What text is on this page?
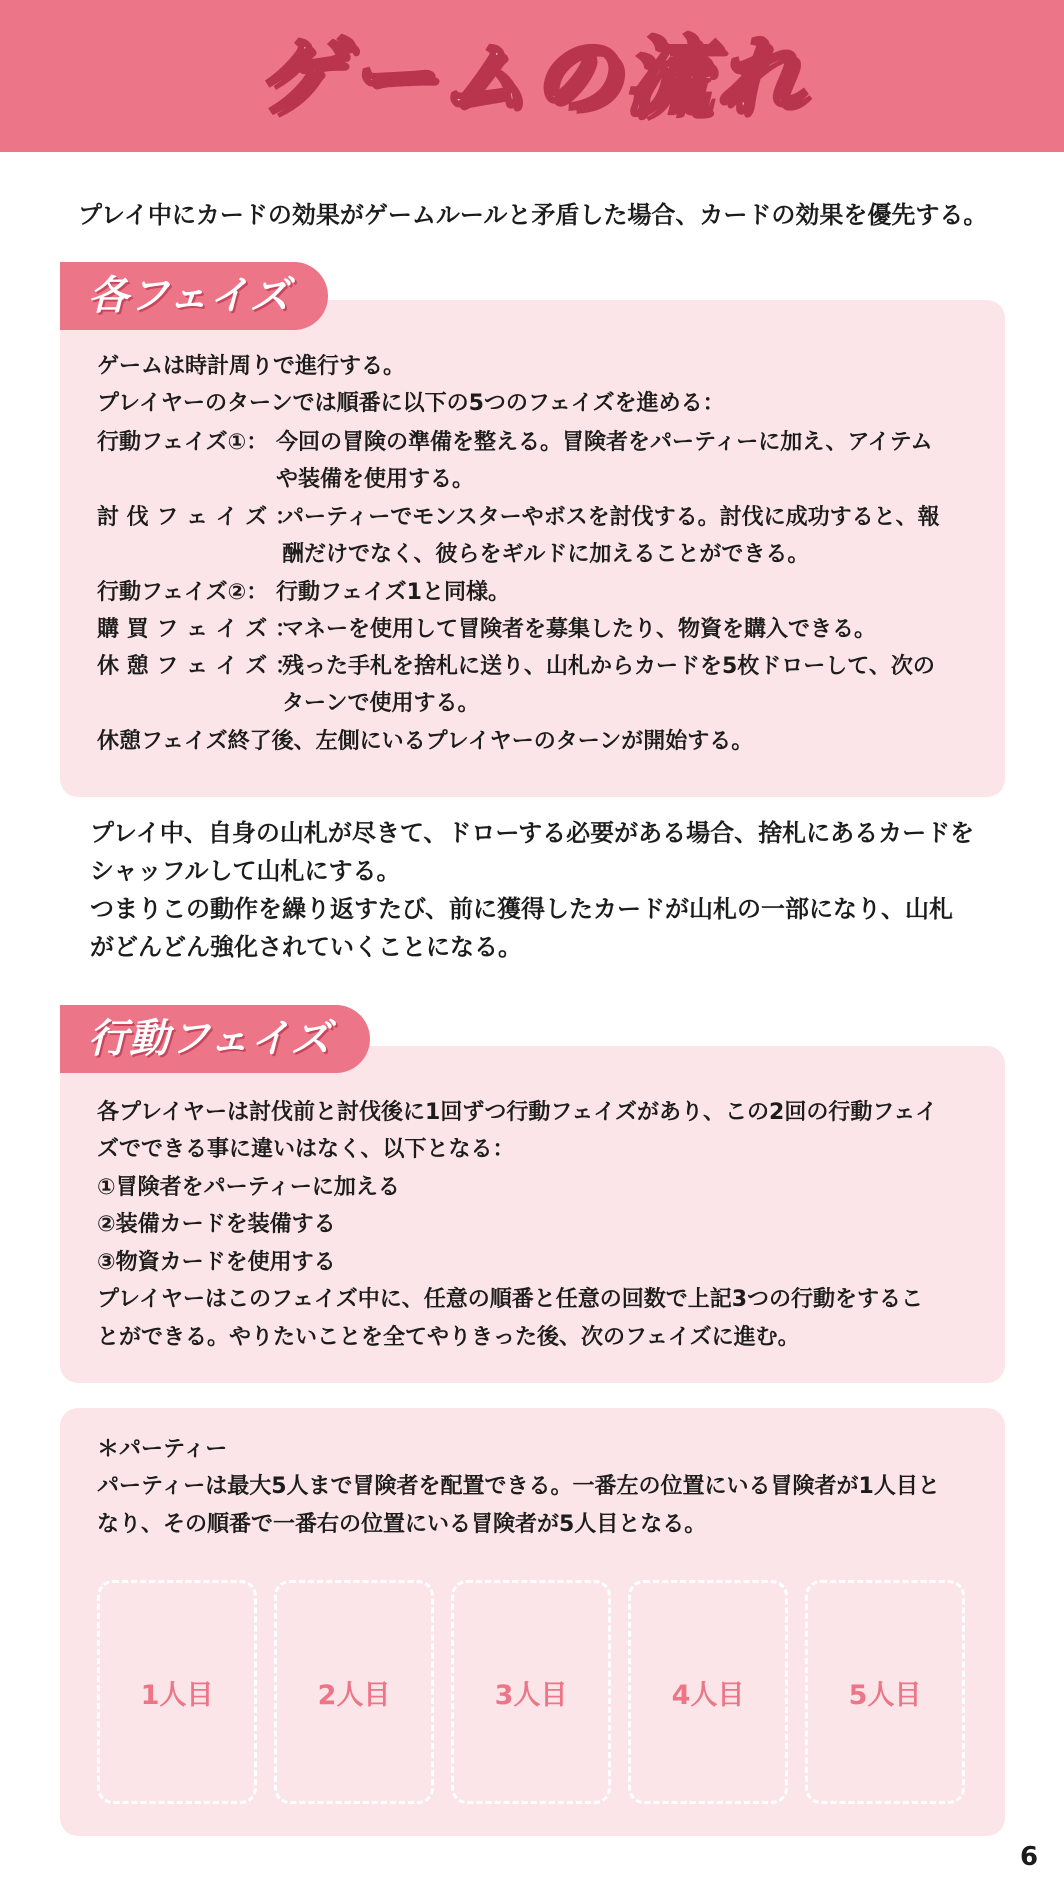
ゲームの流れ
プレイ中にカードの効果がゲームルールと矛盾した場合、カードの効果を優先する。
各フェイズ
ゲームは時計周りで進行する。
プレイヤーのターンでは順番に以下の5つのフェイズを進める：
行動フェイズ①： 今回の冒険の準備を整える。冒険者をパーティーに加え、アイテム
や装備を使用する。
討 伐 フ ェ イ ズ ：
パーティーでモンスターやボスを討伐する。討伐に成功すると、報
酬だけでなく、彼らをギルドに加えることができる。
行動フェイズ②： 行動フェイズ1と同様。
購 買 フ ェ イ ズ ：
マネーを使用して冒険者を募集したり、物資を購入できる。
休 憩 フ ェ イ ズ ：
残った手札を捨札に送り、山札からカードを5枚ドローして、次の
ターンで使用する。
休憩フェイズ終了後、左側にいるプレイヤーのターンが開始する。
プレイ中、自身の山札が尽きて、ドローする必要がある場合、捨札にあるカードを
シャッフルして山札にする。
つまりこの動作を繰り返すたび、前に獲得したカードが山札の一部になり、山札
がどんどん強化されていくことになる。
行動フェイズ
各プレイヤーは討伐前と討伐後に1回ずつ行動フェイズがあり、この2回の行動フェイ
ズでできる事に違いはなく、以下となる：
①冒険者をパーティーに加える
②装備カードを装備する
③物資カードを使用する
プレイヤーはこのフェイズ中に、任意の順番と任意の回数で上記3つの行動をするこ
とができる。やりたいことを全てやりきった後、次のフェイズに進む。
＊パーティー
パーティーは最大5人まで冒険者を配置できる。一番左の位置にいる冒険者が1人目と
なり、その順番で一番右の位置にいる冒険者が5人目となる。
1人目	2人目	3人目	4人目	5人目
6
